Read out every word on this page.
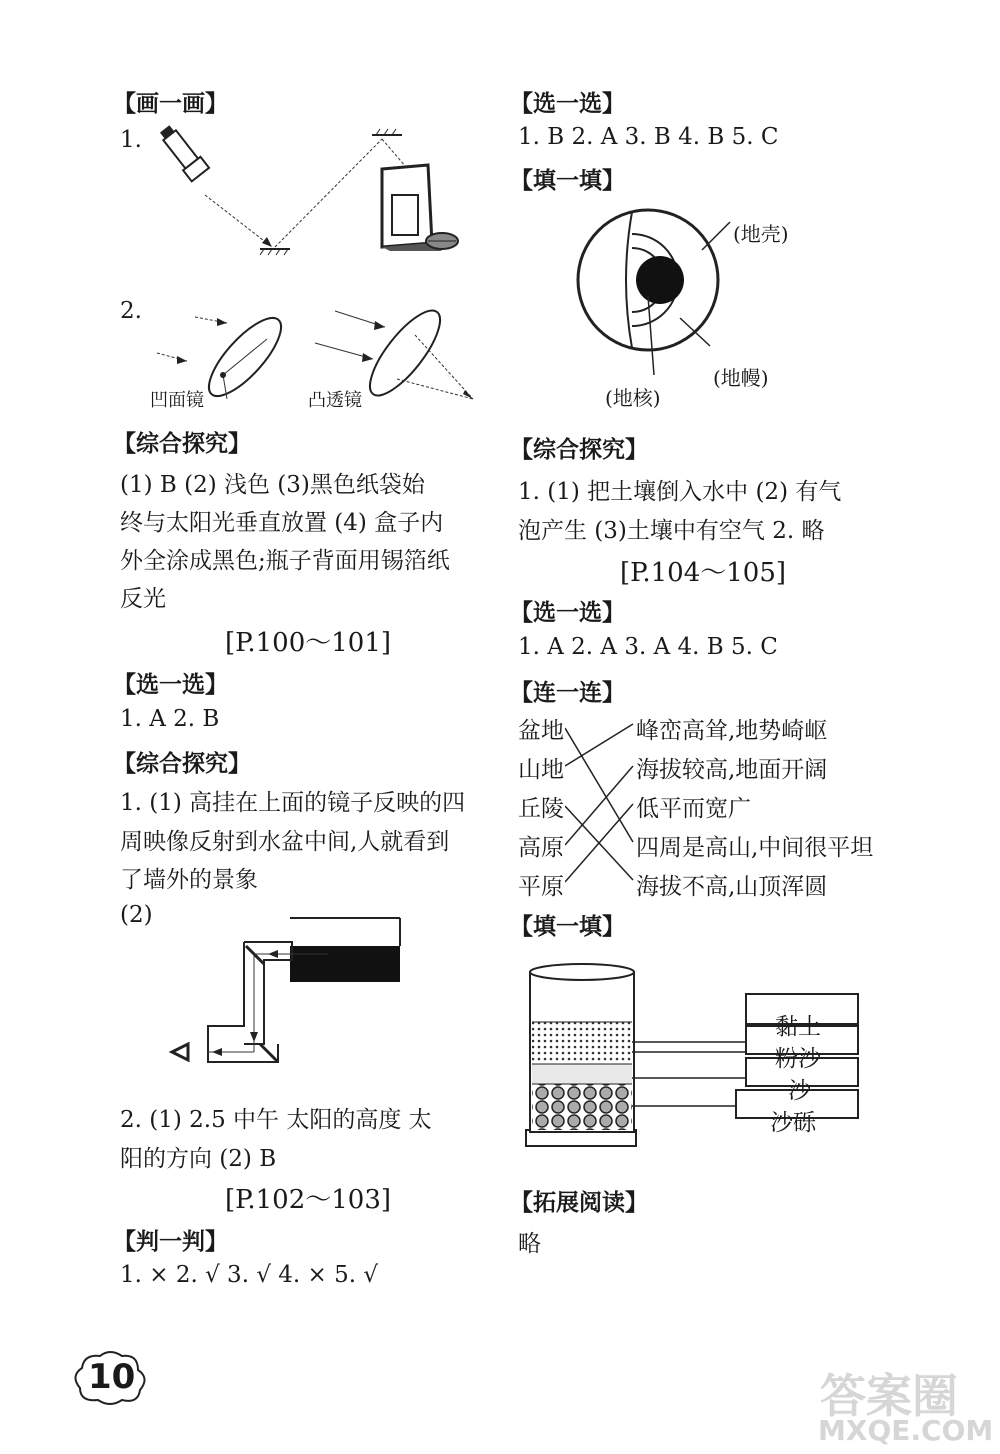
【画一画】
1.
2.
凹面镜	凸透镜
【综合探究】
(1) B (2) 浅色 (3)黑色纸袋始
终与太阳光垂直放置 (4) 盒子内
外全涂成黑色;瓶子背面用锡箔纸
反光
[P.100～101]
【选一选】
1. A 2. B
【综合探究】
1. (1) 高挂在上面的镜子反映的四
周映像反射到水盆中间,人就看到
了墙外的景象
(2)
2. (1) 2.5 中午 太阳的高度 太
阳的方向 (2) B
[P.102～103]
【判一判】
1. × 2. √ 3. √ 4. × 5. √
【选一选】
1. B 2. A 3. B 4. B 5. C
【填一填】
(地壳)
(地幔)
(地核)
【综合探究】
1. (1) 把土壤倒入水中 (2) 有气
泡产生 (3)土壤中有空气 2. 略
[P.104～105]
【选一选】
1. A 2. A 3. A 4. B 5. C
【连一连】
盆地
山地
丘陵
高原
平原
峰峦高耸,地势崎岖
海拔较高,地面开阔
低平而宽广
四周是高山,中间很平坦
海拔不高,山顶浑圆
【填一填】
黏土
粉沙
沙
沙砾
【拓展阅读】
略
10	答案圈
MXQE.COM
